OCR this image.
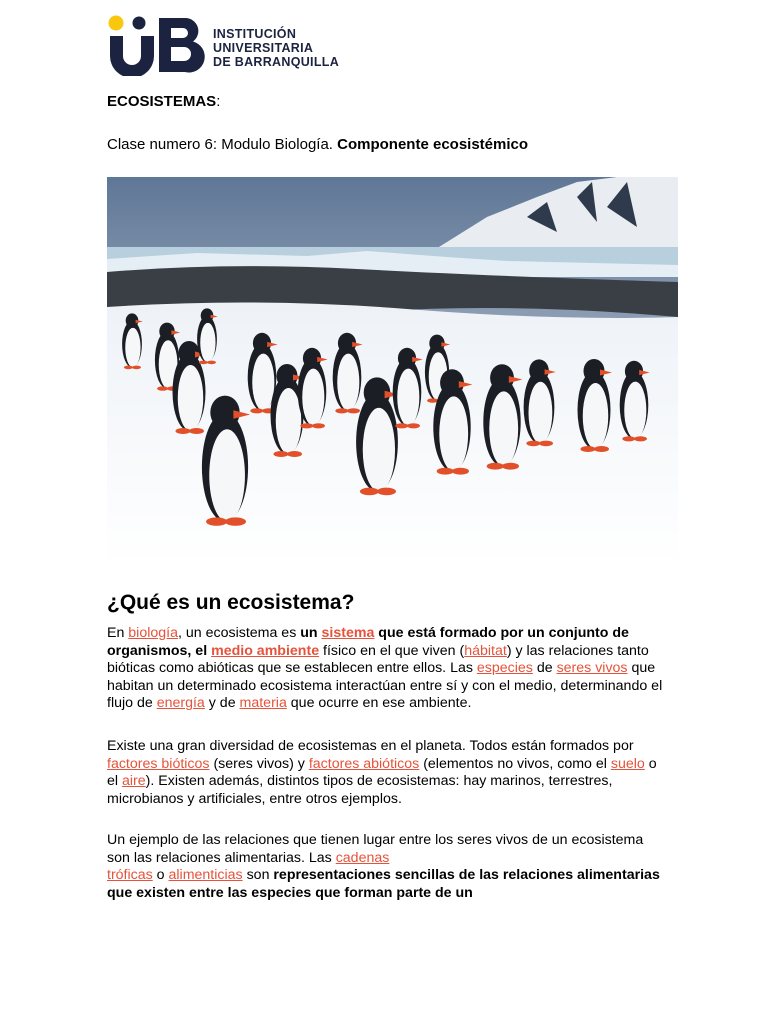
INSTITUCIÓN
UNIVERSITARIA
DE BARRANQUILLA
ECOSISTEMAS:
Clase numero 6: Modulo Biología. Componente ecosistémico
¿Qué es un ecosistema?
En biología, un ecosistema es un sistema que está formado por un conjunto de organismos, el medio ambiente físico en el que viven (hábitat) y las relaciones tanto bióticas como abióticas que se establecen entre ellos. Las especies de seres vivos que habitan un determinado ecosistema interactúan entre sí y con el medio, determinando el flujo de energía y de materia que ocurre en ese ambiente.
Existe una gran diversidad de ecosistemas en el planeta. Todos están formados por factores bióticos (seres vivos) y factores abióticos (elementos no vivos, como el suelo o el aire). Existen además, distintos tipos de ecosistemas: hay marinos, terrestres, microbianos y artificiales, entre otros ejemplos.
Un ejemplo de las relaciones que tienen lugar entre los seres vivos de un ecosistema son las relaciones alimentarias. Las cadenas
tróficas o alimenticias son representaciones sencillas de las relaciones alimentarias que existen entre las especies que forman parte de un
